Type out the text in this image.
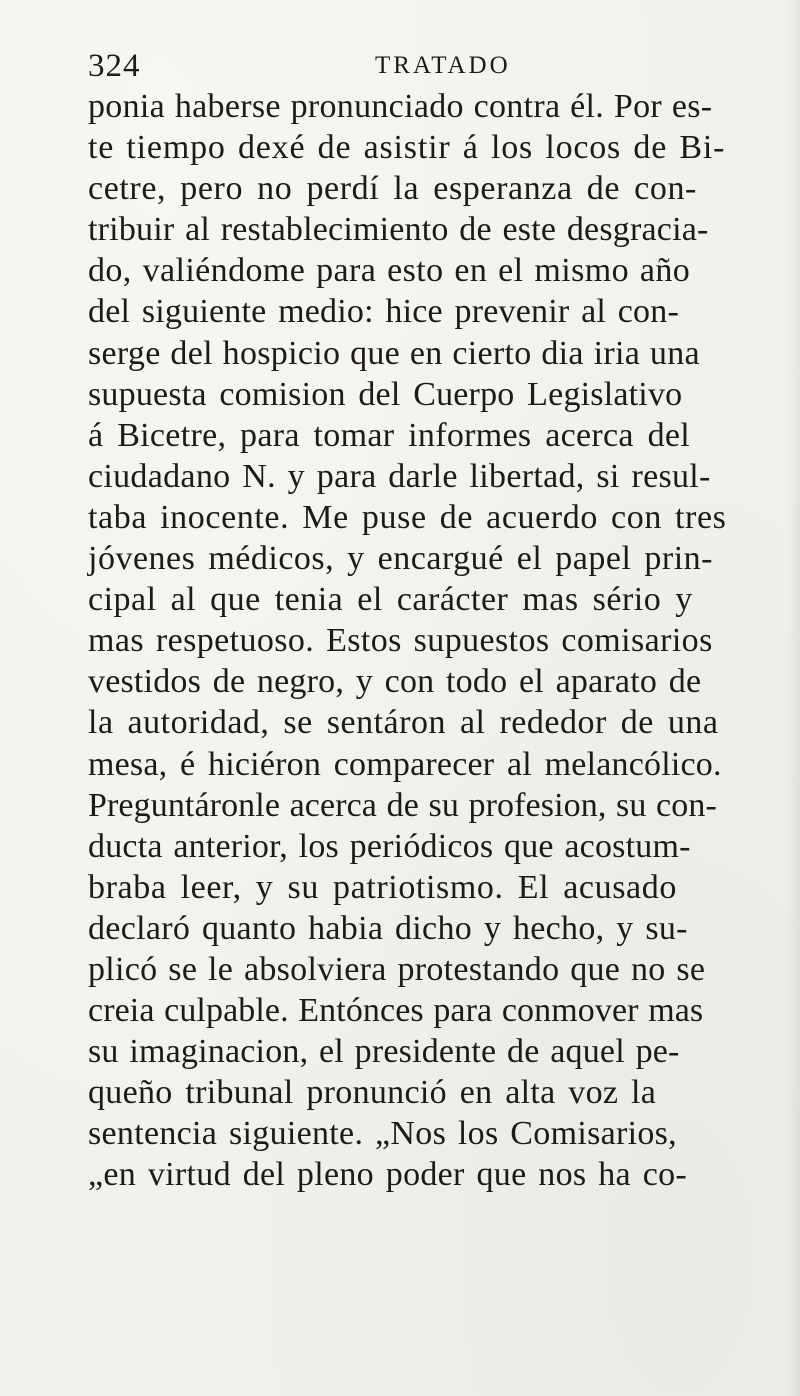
324	TRATADO
ponia haberse pronunciado contra él. Por es-
te tiempo dexé de asistir á los locos de Bi-
cetre, pero no perdí la esperanza de con-
tribuir al restablecimiento de este desgracia-
do, valiéndome para esto en el mismo año
del siguiente medio: hice prevenir al con-
serge del hospicio que en cierto dia iria una
supuesta comision del Cuerpo Legislativo
á Bicetre, para tomar informes acerca del
ciudadano N. y para darle libertad, si resul-
taba inocente. Me puse de acuerdo con tres
jóvenes médicos, y encargué el papel prin-
cipal al que tenia el carácter mas sério y
mas respetuoso. Estos supuestos comisarios
vestidos de negro, y con todo el aparato de
la autoridad, se sentáron al rededor de una
mesa, é hiciéron comparecer al melancólico.
Preguntáronle acerca de su profesion, su con-
ducta anterior, los periódicos que acostum-
braba leer, y su patriotismo. El acusado
declaró quanto habia dicho y hecho, y su-
plicó se le absolviera protestando que no se
creia culpable. Entónces para conmover mas
su imaginacion, el presidente de aquel pe-
queño tribunal pronunció en alta voz la
sentencia siguiente. „Nos los Comisarios,
„en virtud del pleno poder que nos ha co-
